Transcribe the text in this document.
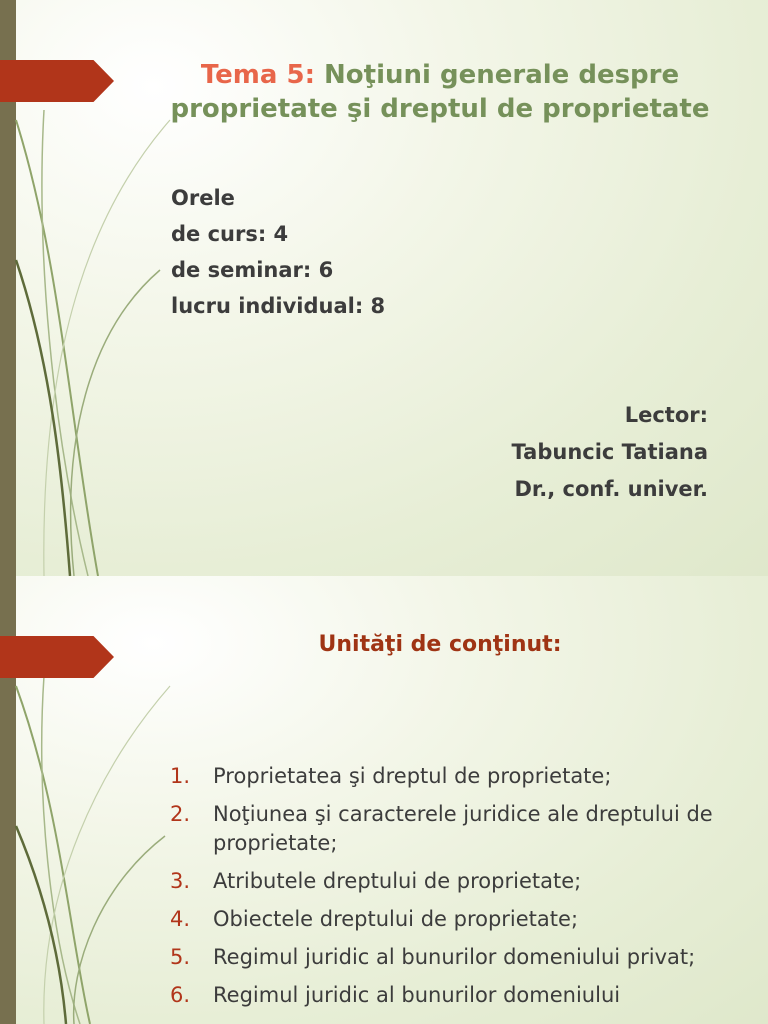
Tema 5: Noţiuni generale despre proprietate şi dreptul de proprietate
Orele
de curs: 4
de seminar: 6
lucru individual: 8
Lector:
Tabuncic Tatiana
Dr., conf. univer.
Unităţi de conţinut:
1. Proprietatea şi dreptul de proprietate;
2. Noţiunea şi caracterele juridice ale dreptului de proprietate;
3. Atributele dreptului de proprietate;
4. Obiectele dreptului de proprietate;
5. Regimul juridic al bunurilor domeniului privat;
6. Regimul juridic al bunurilor domeniului
